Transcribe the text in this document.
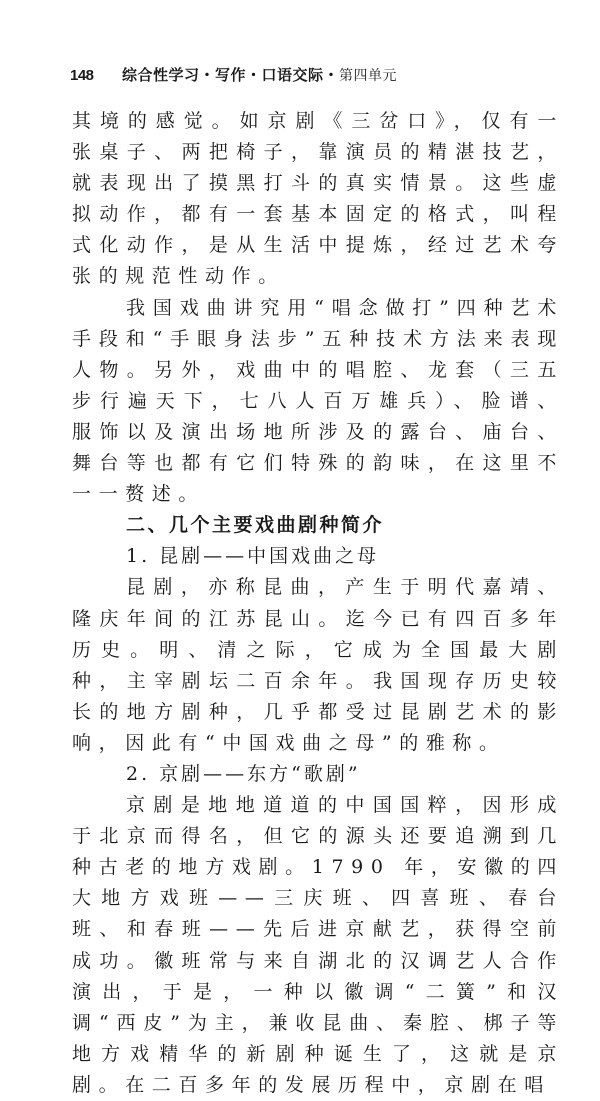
148	综合性学习・写作・口语交际・第四单元

其境的感觉。如京剧《三岔口》，仅有一张桌子、两把椅子，靠演员的精湛技艺，就表现出了摸黑打斗的真实情景。这些虚拟动作，都有一套基本固定的格式，叫程式化动作，是从生活中提炼，经过艺术夸张的规范性动作。

我国戏曲讲究用“唱念做打”四种艺术手段和“手眼身法步”五种技术方法来表现人物。另外，戏曲中的唱腔、龙套（三五步行遍天下，七八人百万雄兵）、脸谱、服饰以及演出场地所涉及的露台、庙台、舞台等也都有它们特殊的韵味，在这里不一一赘述。

二、几个主要戏曲剧种简介

1. 昆剧——中国戏曲之母

昆剧，亦称昆曲，产生于明代嘉靖、隆庆年间的江苏昆山。迄今已有四百多年历史。明、清之际，它成为全国最大剧种，主宰剧坛二百余年。我国现存历史较长的地方剧种，几乎都受过昆剧艺术的影响，因此有“中国戏曲之母”的雅称。

2. 京剧——东方“歌剧”

京剧是地地道道的中国国粹，因形成于北京而得名，但它的源头还要追溯到几种古老的地方戏剧。1790 年，安徽的四大地方戏班——三庆班、四喜班、春台班、和春班——先后进京献艺，获得空前成功。徽班常与来自湖北的汉调艺人合作演出，于是，一种以徽调“二簧”和汉调“西皮”为主，兼收昆曲、秦腔、梆子等地方戏精华的新剧种诞生了，这就是京剧。在二百多年的发展历程中，京剧在唱
